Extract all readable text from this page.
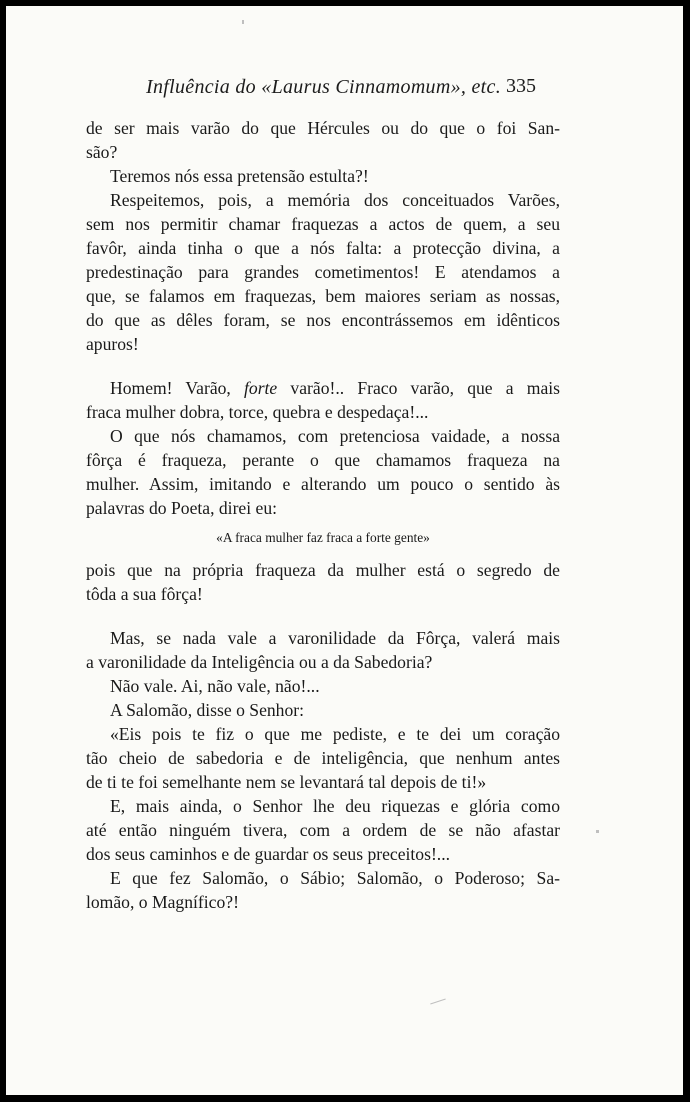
Influência do «Laurus Cinnamomum», etc. 335
de ser mais varão do que Hércules ou do que o foi San-
são?
Teremos nós essa pretensão estulta?!
Respeitemos, pois, a memória dos conceituados Varões,
sem nos permitir chamar fraquezas a actos de quem, a seu
favôr, ainda tinha o que a nós falta: a protecção divina, a
predestinação para grandes cometimentos! E atendamos a
que, se falamos em fraquezas, bem maiores seriam as nossas,
do que as dêles foram, se nos encontrássemos em idênticos
apuros!
Homem! Varão, forte varão!.. Fraco varão, que a mais
fraca mulher dobra, torce, quebra e despedaça!...
O que nós chamamos, com pretenciosa vaidade, a nossa
fôrça é fraqueza, perante o que chamamos fraqueza na
mulher. Assim, imitando e alterando um pouco o sentido às
palavras do Poeta, direi eu:
«A fraca mulher faz fraca a forte gente»
pois que na própria fraqueza da mulher está o segredo de
tôda a sua fôrça!
Mas, se nada vale a varonilidade da Fôrça, valerá mais
a varonilidade da Inteligência ou a da Sabedoria?
Não vale. Ai, não vale, não!...
A Salomão, disse o Senhor:
«Eis pois te fiz o que me pediste, e te dei um coração
tão cheio de sabedoria e de inteligência, que nenhum antes
de ti te foi semelhante nem se levantará tal depois de ti!»
E, mais ainda, o Senhor lhe deu riquezas e glória como
até então ninguém tivera, com a ordem de se não afastar
dos seus caminhos e de guardar os seus preceitos!...
E que fez Salomão, o Sábio; Salomão, o Poderoso; Sa-
lomão, o Magnífico?!
